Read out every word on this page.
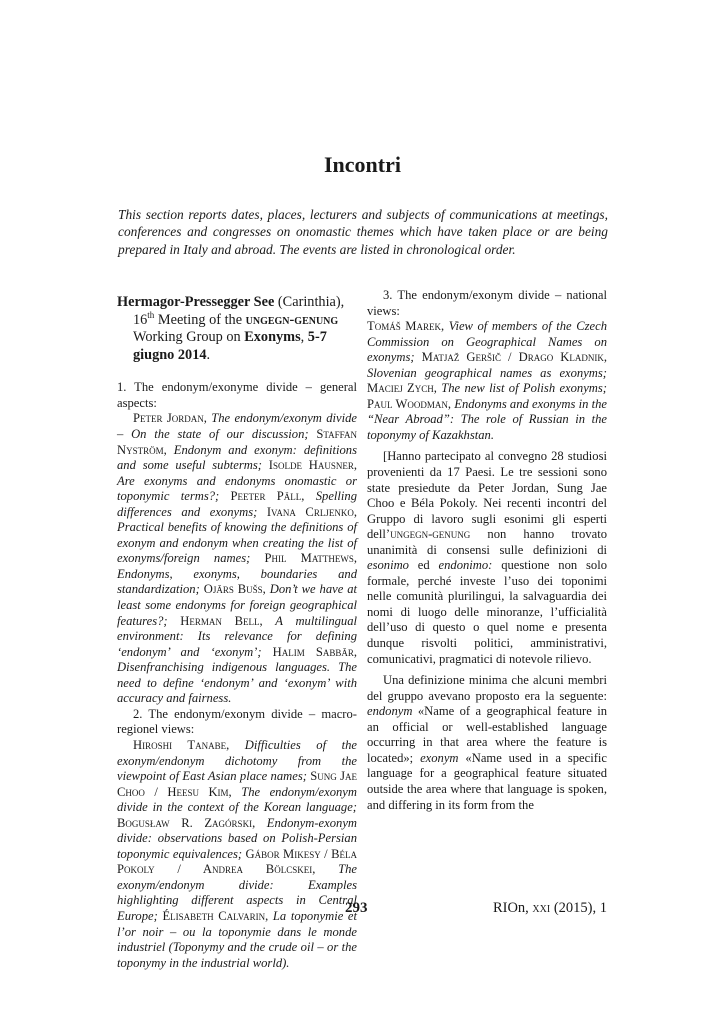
Incontri

This section reports dates, places, lecturers and subjects of communications at meetings, conferences and congresses on onomastic themes which have taken place or are being prepared in Italy and abroad. The events are listed in chronological order.

Hermagor-Pressegger See (Carinthia),
16th Meeting of the ungegn-genung Working Group on Exonyms, 5-7 giugno 2014.

1. The endonym/exonyme divide – general aspects:

Peter Jordan, The endonym/exonym divide – On the state of our discussion; Staffan Nyström, Endonym and exonym: definitions and some useful subterms; Isolde Hausner, Are exonyms and endonyms onomastic or toponymic terms?; Peeter Päll, Spelling differences and exonyms; Ivana Crljenko, Practical benefits of knowing the definitions of exonym and endonym when creating the list of exonyms/foreign names; Phil Matthews, Endonyms, exonyms, boundaries and standardization; Ojārs Bušs, Don’t we have at least some endonyms for foreign geographical features?; Herman Bell, A multilingual environment: Its relevance for defining ‘endonym’ and ‘exonym’; Halim Sabbār, Disenfranchising indigenous languages. The need to define ‘endonym’ and ‘exonym’ with accuracy and fairness.

2. The endonym/exonym divide – macro-regionel views:

Hiroshi Tanabe, Difficulties of the exonym/endonym dichotomy from the viewpoint of East Asian place names; Sung Jae Choo / Heesu Kim, The endonym/exonym divide in the context of the Korean language; Bogusław R. Zagórski, Endonym-exonym divide: observations based on Polish-Persian toponymic equivalences; Gábor Mikesy / Béla Pokoly / Andrea Bölcskei, The exonym/endonym divide: Examples highlighting different aspects in Central Europe; Élisabeth Calvarin, La toponymie et l’or noir – ou la toponymie dans le monde industriel (Toponymy and the crude oil – or the toponymy in the industrial world).

3. The endonym/exonym divide – national views:

Tomáš Marek, View of members of the Czech Commission on Geographical Names on exonyms; Matjaž Geršič / Drago Kladnik, Slovenian geographical names as exonyms; Maciej Zych, The new list of Polish exonyms; Paul Woodman, Endonyms and exonyms in the “Near Abroad”: The role of Russian in the toponymy of Kazakhstan.

[Hanno partecipato al convegno 28 studiosi provenienti da 17 Paesi. Le tre sessioni sono state presiedute da Peter Jordan, Sung Jae Choo e Béla Pokoly. Nei recenti incontri del Gruppo di lavoro sugli esonimi gli esperti dell’ungegn-genung non hanno trovato unanimità di consensi sulle definizioni di esonimo ed endonimo: questione non solo formale, perché investe l’uso dei toponimi nelle comunità plurilingui, la salvaguardia dei nomi di luogo delle minoranze, l’ufficialità dell’uso di questo o quel nome e presenta dunque risvolti politici, amministrativi, comunicativi, pragmatici di notevole rilievo.

Una definizione minima che alcuni membri del gruppo avevano proposto era la seguente: endonym «Name of a geographical feature in an official or well-established language occurring in that area where the feature is located»; exonym «Name used in a specific language for a geographical feature situated outside the area where that language is spoken, and differing in its form from the

293	RIOn, xxi (2015), 1
